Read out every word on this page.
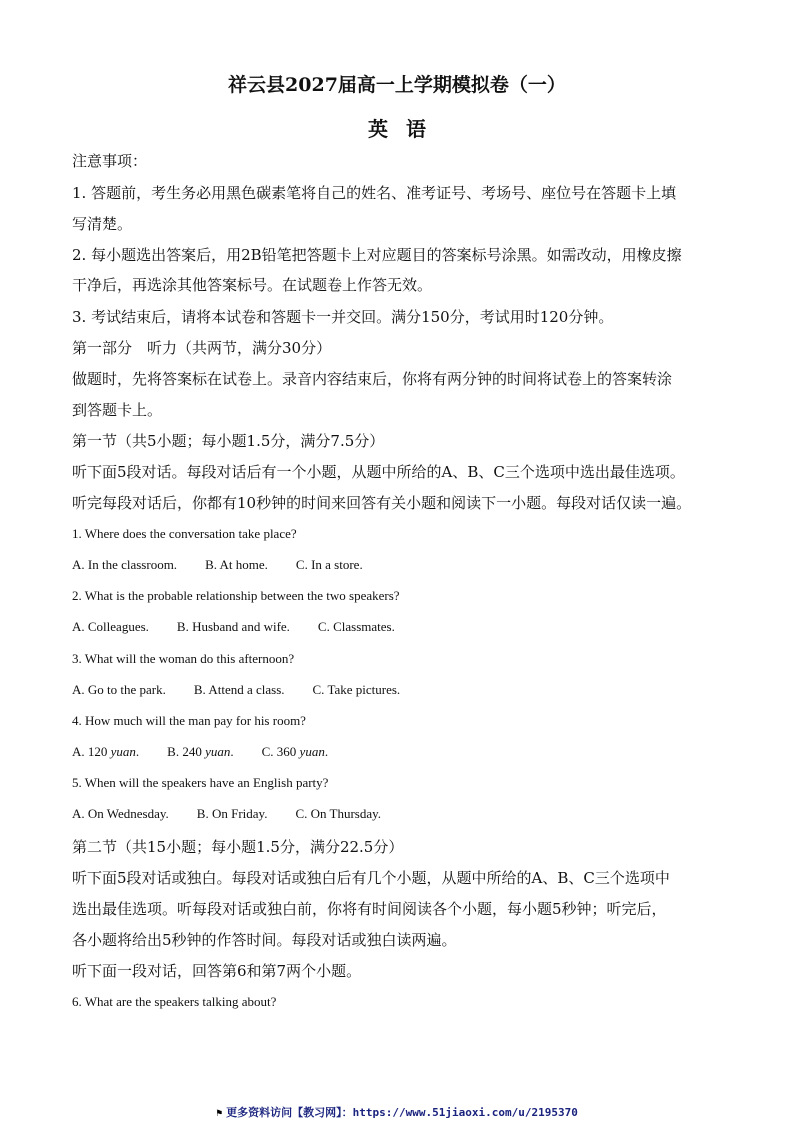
祥云县2027届高一上学期模拟卷（一）
英语
注意事项：
1. 答题前，考生务必用黑色碳素笔将自己的姓名、准考证号、考场号、座位号在答题卡上填
写清楚。
2. 每小题选出答案后，用2B铅笔把答题卡上对应题目的答案标号涂黑。如需改动，用橡皮擦
干净后，再选涂其他答案标号。在试题卷上作答无效。
3. 考试结束后，请将本试卷和答题卡一并交回。满分150分，考试用时120分钟。
第一部分　听力（共两节，满分30分）
做题时，先将答案标在试卷上。录音内容结束后，你将有两分钟的时间将试卷上的答案转涂
到答题卡上。
第一节（共5小题；每小题1.5分，满分7.5分）
听下面5段对话。每段对话后有一个小题，从题中所给的A、B、C三个选项中选出最佳选项。
听完每段对话后，你都有10秒钟的时间来回答有关小题和阅读下一小题。每段对话仅读一遍。
1. Where does the conversation take place?
A. In the classroom. B. At home. C. In a store.
2. What is the probable relationship between the two speakers?
A. Colleagues. B. Husband and wife. C. Classmates.
3. What will the woman do this afternoon?
A. Go to the park. B. Attend a class. C. Take pictures.
4. How much will the man pay for his room?
A. 120 yuan. B. 240 yuan. C. 360 yuan.
5. When will the speakers have an English party?
A. On Wednesday. B. On Friday. C. On Thursday.
第二节（共15小题；每小题1.5分，满分22.5分）
听下面5段对话或独白。每段对话或独白后有几个小题，从题中所给的A、B、C三个选项中
选出最佳选项。听每段对话或独白前，你将有时间阅读各个小题，每小题5秒钟；听完后，
各小题将给出5秒钟的作答时间。每段对话或独白读两遍。
听下面一段对话，回答第6和第7两个小题。
6. What are the speakers talking about?
⚑ 更多资料访问【教习网】：https://www.51jiaoxi.com/u/2195370
